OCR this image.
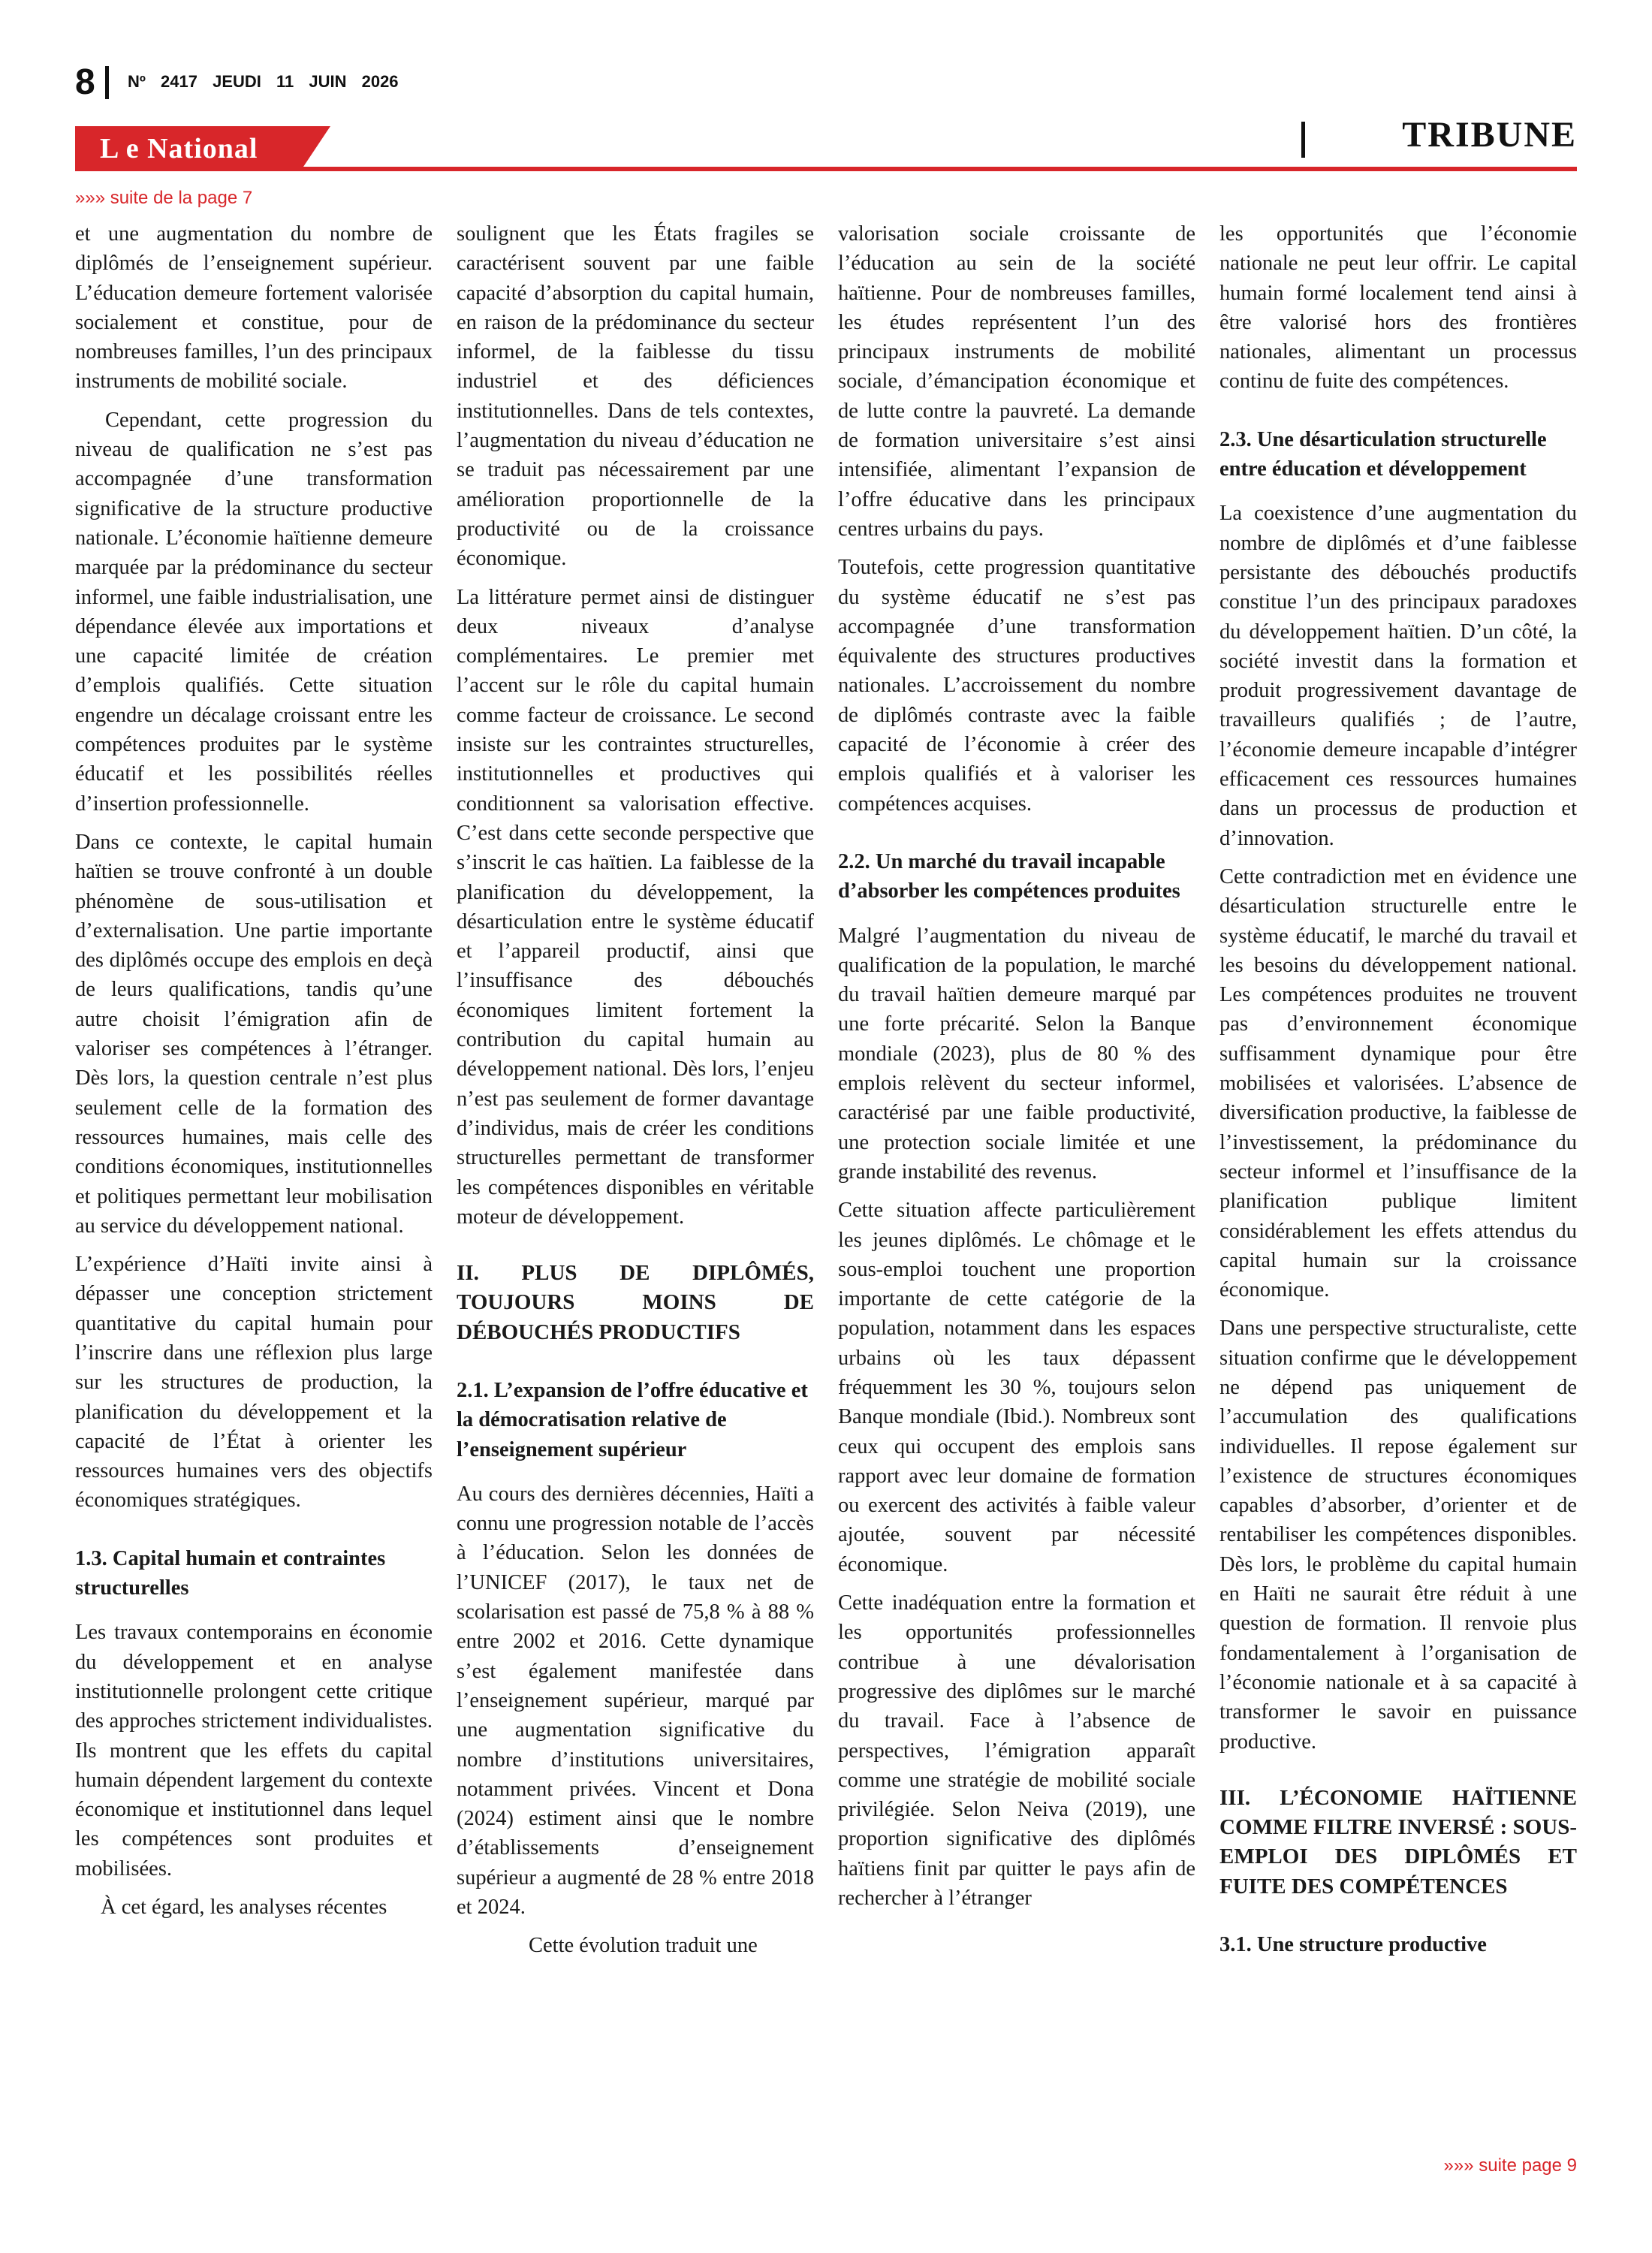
8 Nº 2417 JEUDI 11 JUIN 2026
L e National	TRIBUNE
»»» suite de la page 7

et une augmentation du nombre de diplômés de l’enseignement supérieur. L’éducation demeure fortement valorisée socialement et constitue, pour de nombreuses familles, l’un des principaux instruments de mobilité sociale.

Cependant, cette progression du niveau de qualification ne s’est pas accompagnée d’une transformation significative de la structure productive nationale. L’économie haïtienne demeure marquée par la prédominance du secteur informel, une faible industrialisation, une dépendance élevée aux importations et une capacité limitée de création d’emplois qualifiés. Cette situation engendre un décalage croissant entre les compétences produites par le système éducatif et les possibilités réelles d’insertion professionnelle.

Dans ce contexte, le capital humain haïtien se trouve confronté à un double phénomène de sous-utilisation et d’externalisation. Une partie importante des diplômés occupe des emplois en deçà de leurs qualifications, tandis qu’une autre choisit l’émigration afin de valoriser ses compétences à l’étranger. Dès lors, la question centrale n’est plus seulement celle de la formation des ressources humaines, mais celle des conditions économiques, institutionnelles et politiques permettant leur mobilisation au service du développement national.

L’expérience d’Haïti invite ainsi à dépasser une conception strictement quantitative du capital humain pour l’inscrire dans une réflexion plus large sur les structures de production, la planification du développement et la capacité de l’État à orienter les ressources humaines vers des objectifs économiques stratégiques.

1.3. Capital humain et contraintes structurelles

Les travaux contemporains en économie du développement et en analyse institutionnelle prolongent cette critique des approches strictement individualistes. Ils montrent que les effets du capital humain dépendent largement du contexte économique et institutionnel dans lequel les compétences sont produites et mobilisées.

À cet égard, les analyses récentes

soulignent que les États fragiles se caractérisent souvent par une faible capacité d’absorption du capital humain, en raison de la prédominance du secteur informel, de la faiblesse du tissu industriel et des déficiences institutionnelles. Dans de tels contextes, l’augmentation du niveau d’éducation ne se traduit pas nécessairement par une amélioration proportionnelle de la productivité ou de la croissance économique.

La littérature permet ainsi de distinguer deux niveaux d’analyse complémentaires. Le premier met l’accent sur le rôle du capital humain comme facteur de croissance. Le second insiste sur les contraintes structurelles, institutionnelles et productives qui conditionnent sa valorisation effective. C’est dans cette seconde perspective que s’inscrit le cas haïtien. La faiblesse de la planification du développement, la désarticulation entre le système éducatif et l’appareil productif, ainsi que l’insuffisance des débouchés économiques limitent fortement la contribution du capital humain au développement national. Dès lors, l’enjeu n’est pas seulement de former davantage d’individus, mais de créer les conditions structurelles permettant de transformer les compétences disponibles en véritable moteur de développement.

II. PLUS DE DIPLÔMÉS, TOUJOURS MOINS DE DÉBOUCHÉS PRODUCTIFS
2.1. L’expansion de l’offre éducative et la démocratisation relative de l’enseignement supérieur

Au cours des dernières décennies, Haïti a connu une progression notable de l’accès à l’éducation. Selon les données de l’UNICEF (2017), le taux net de scolarisation est passé de 75,8 % à 88 % entre 2002 et 2016. Cette dynamique s’est également manifestée dans l’enseignement supérieur, marqué par une augmentation significative du nombre d’institutions universitaires, notamment privées. Vincent et Dona (2024) estiment ainsi que le nombre d’établissements d’enseignement supérieur a augmenté de 28 % entre 2018 et 2024.

Cette évolution traduit une

valorisation sociale croissante de l’éducation au sein de la société haïtienne. Pour de nombreuses familles, les études représentent l’un des principaux instruments de mobilité sociale, d’émancipation économique et de lutte contre la pauvreté. La demande de formation universitaire s’est ainsi intensifiée, alimentant l’expansion de l’offre éducative dans les principaux centres urbains du pays.

Toutefois, cette progression quantitative du système éducatif ne s’est pas accompagnée d’une transformation équivalente des structures productives nationales. L’accroissement du nombre de diplômés contraste avec la faible capacité de l’économie à créer des emplois qualifiés et à valoriser les compétences acquises.

2.2. Un marché du travail incapable d’absorber les compétences produites

Malgré l’augmentation du niveau de qualification de la population, le marché du travail haïtien demeure marqué par une forte précarité. Selon la Banque mondiale (2023), plus de 80 % des emplois relèvent du secteur informel, caractérisé par une faible productivité, une protection sociale limitée et une grande instabilité des revenus.

Cette situation affecte particulièrement les jeunes diplômés. Le chômage et le sous-emploi touchent une proportion importante de cette catégorie de la population, notamment dans les espaces urbains où les taux dépassent fréquemment les 30 %, toujours selon Banque mondiale (Ibid.). Nombreux sont ceux qui occupent des emplois sans rapport avec leur domaine de formation ou exercent des activités à faible valeur ajoutée, souvent par nécessité économique.

Cette inadéquation entre la formation et les opportunités professionnelles contribue à une dévalorisation progressive des diplômes sur le marché du travail. Face à l’absence de perspectives, l’émigration apparaît comme une stratégie de mobilité sociale privilégiée. Selon Neiva (2019), une proportion significative des diplômés haïtiens finit par quitter le pays afin de rechercher à l’étranger

les opportunités que l’économie nationale ne peut leur offrir. Le capital humain formé localement tend ainsi à être valorisé hors des frontières nationales, alimentant un processus continu de fuite des compétences.

2.3. Une désarticulation structurelle entre éducation et développement

La coexistence d’une augmentation du nombre de diplômés et d’une faiblesse persistante des débouchés productifs constitue l’un des principaux paradoxes du développement haïtien. D’un côté, la société investit dans la formation et produit progressivement davantage de travailleurs qualifiés ; de l’autre, l’économie demeure incapable d’intégrer efficacement ces ressources humaines dans un processus de production et d’innovation.

Cette contradiction met en évidence une désarticulation structurelle entre le système éducatif, le marché du travail et les besoins du développement national. Les compétences produites ne trouvent pas d’environnement économique suffisamment dynamique pour être mobilisées et valorisées. L’absence de diversification productive, la faiblesse de l’investissement, la prédominance du secteur informel et l’insuffisance de la planification publique limitent considérablement les effets attendus du capital humain sur la croissance économique.

Dans une perspective structuraliste, cette situation confirme que le développement ne dépend pas uniquement de l’accumulation des qualifications individuelles. Il repose également sur l’existence de structures économiques capables d’absorber, d’orienter et de rentabiliser les compétences disponibles. Dès lors, le problème du capital humain en Haïti ne saurait être réduit à une question de formation. Il renvoie plus fondamentalement à l’organisation de l’économie nationale et à sa capacité à transformer le savoir en puissance productive.

III. L’ÉCONOMIE HAÏTIENNE COMME FILTRE INVERSÉ : SOUS-EMPLOI DES DIPLÔMÉS ET FUITE DES COMPÉTENCES
3.1. Une structure productive
»»» suite page 9
